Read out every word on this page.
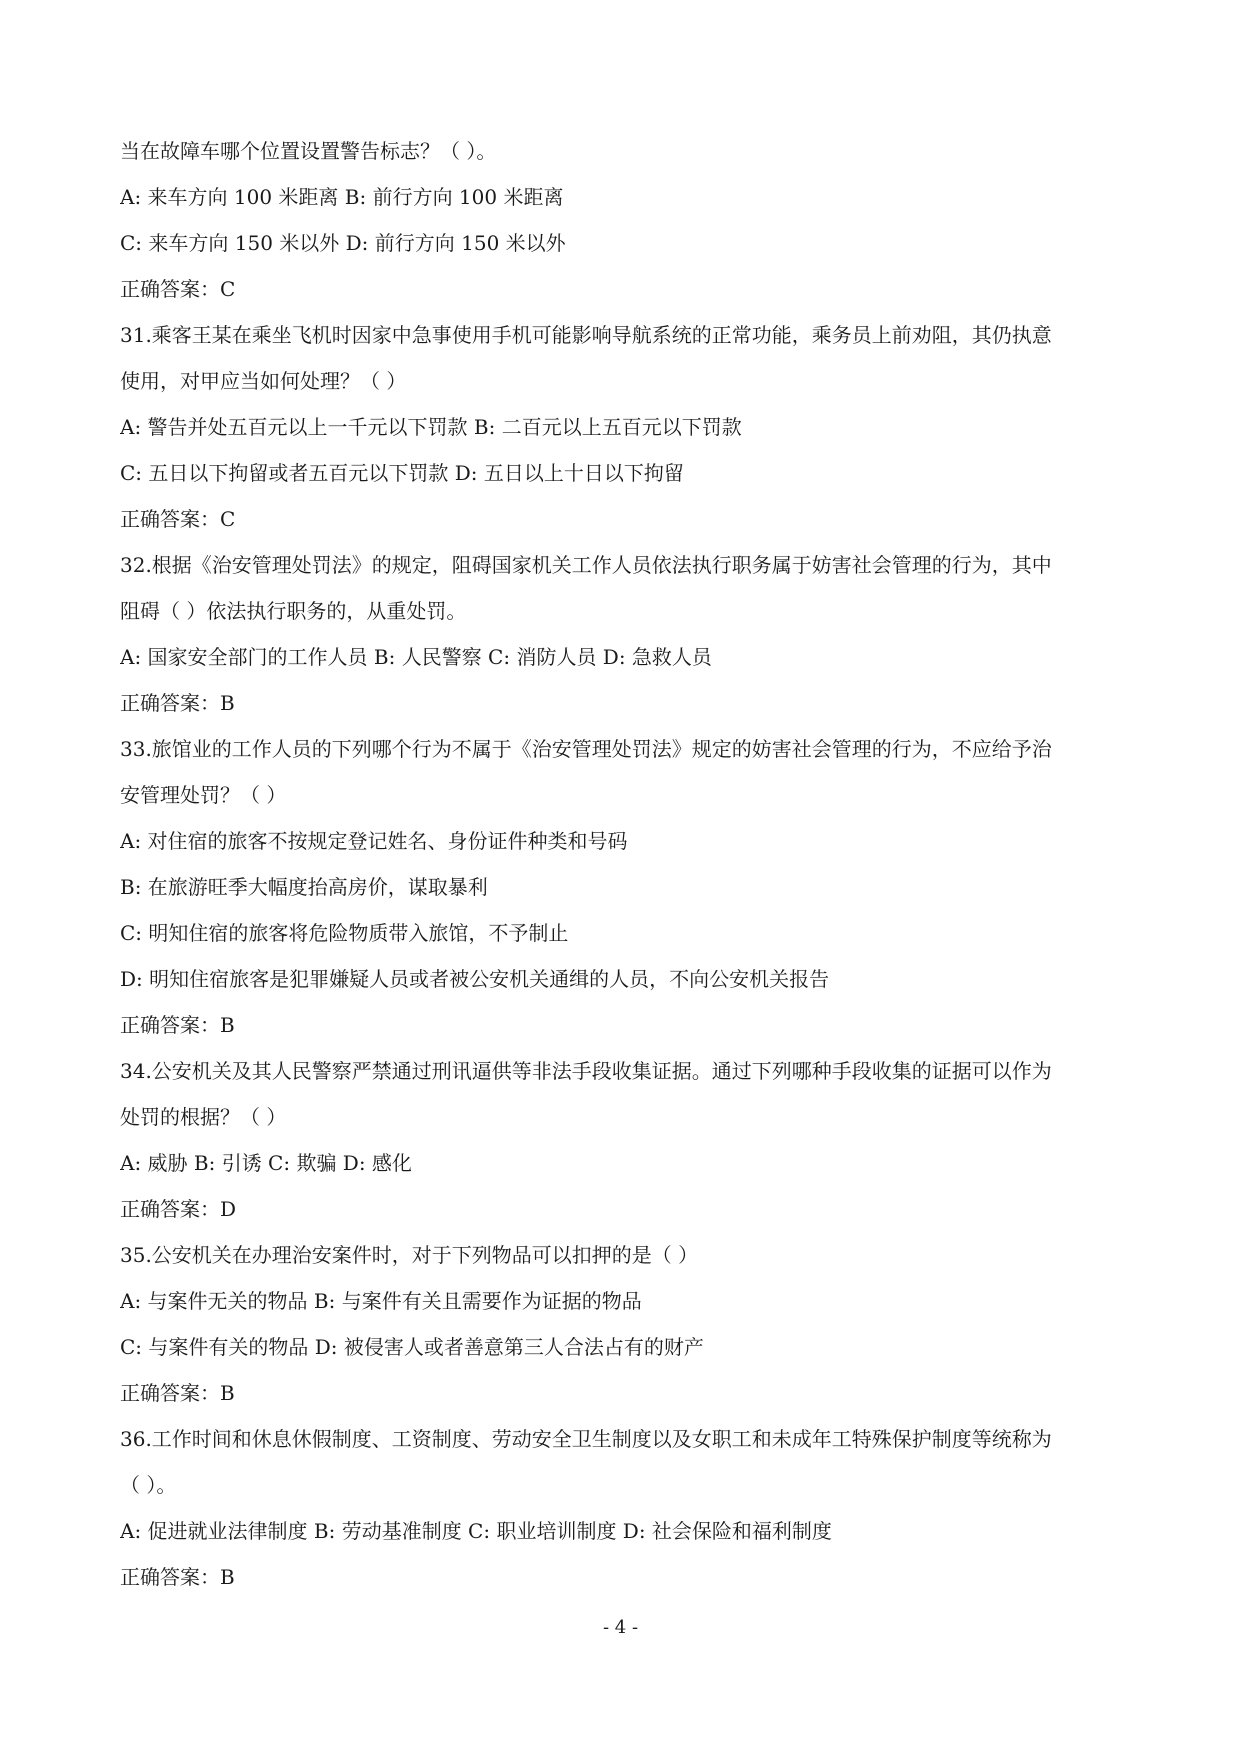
当在故障车哪个位置设置警告标志？（ ）。
A: 来车方向 100 米距离 B: 前行方向 100 米距离
C: 来车方向 150 米以外 D: 前行方向 150 米以外
正确答案：C
31.乘客王某在乘坐飞机时因家中急事使用手机可能影响导航系统的正常功能，乘务员上前劝阻，其仍执意
使用，对甲应当如何处理？（ ）
A: 警告并处五百元以上一千元以下罚款 B: 二百元以上五百元以下罚款
C: 五日以下拘留或者五百元以下罚款 D: 五日以上十日以下拘留
正确答案：C
32.根据《治安管理处罚法》的规定，阻碍国家机关工作人员依法执行职务属于妨害社会管理的行为，其中
阻碍（ ）依法执行职务的，从重处罚。
A: 国家安全部门的工作人员 B: 人民警察 C: 消防人员 D: 急救人员
正确答案：B
33.旅馆业的工作人员的下列哪个行为不属于《治安管理处罚法》规定的妨害社会管理的行为，不应给予治
安管理处罚？（ ）
A: 对住宿的旅客不按规定登记姓名、身份证件种类和号码
B: 在旅游旺季大幅度抬高房价，谋取暴利
C: 明知住宿的旅客将危险物质带入旅馆，不予制止
D: 明知住宿旅客是犯罪嫌疑人员或者被公安机关通缉的人员，不向公安机关报告
正确答案：B
34.公安机关及其人民警察严禁通过刑讯逼供等非法手段收集证据。通过下列哪种手段收集的证据可以作为
处罚的根据？（ ）
A: 威胁 B: 引诱 C: 欺骗 D: 感化
正确答案：D
35.公安机关在办理治安案件时，对于下列物品可以扣押的是（ ）
A: 与案件无关的物品 B: 与案件有关且需要作为证据的物品
C: 与案件有关的物品 D: 被侵害人或者善意第三人合法占有的财产
正确答案：B
36.工作时间和休息休假制度、工资制度、劳动安全卫生制度以及女职工和未成年工特殊保护制度等统称为
（ ）。
A: 促进就业法律制度 B: 劳动基准制度 C: 职业培训制度 D: 社会保险和福利制度
正确答案：B
- 4 -
